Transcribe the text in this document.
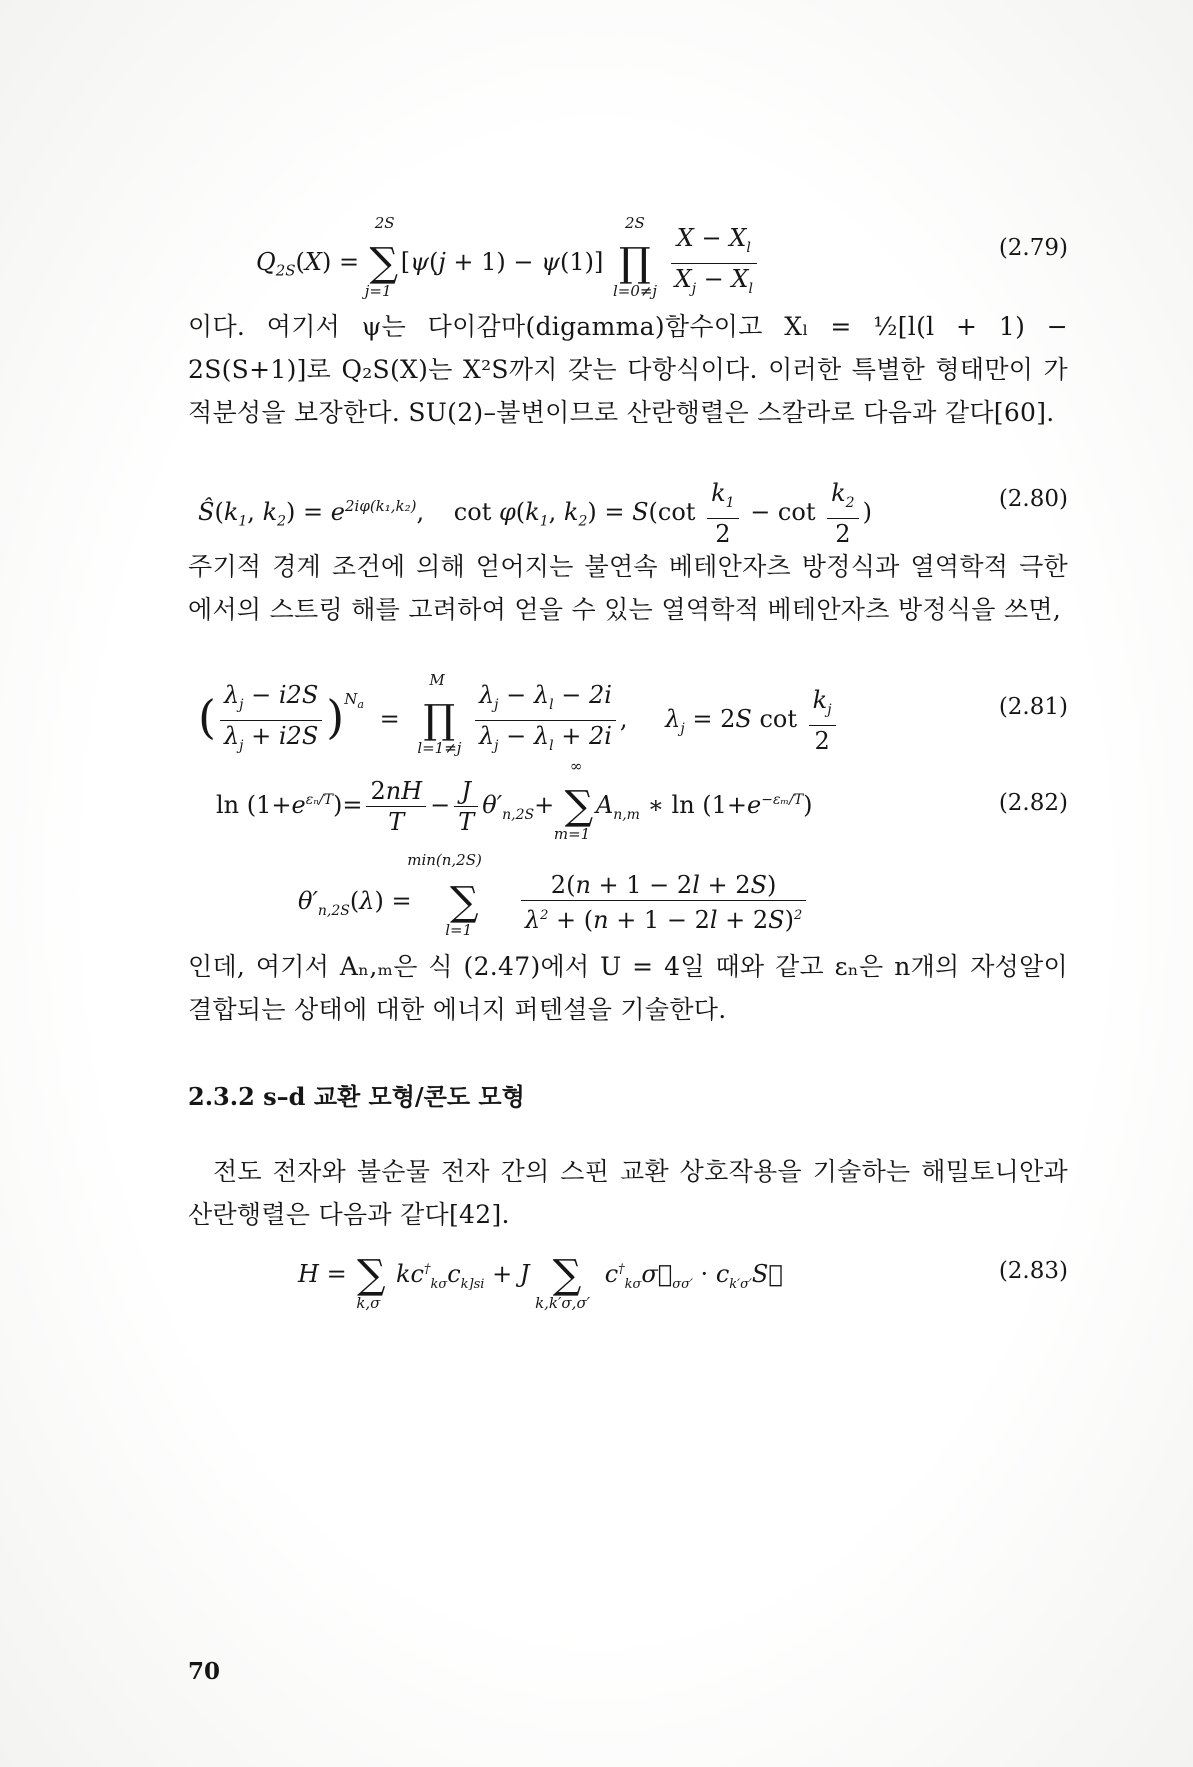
$Q_{2S}(X)$ = ∑
2S
j=1
[ψ(j + 1) − ψ(1)] ∏
2S
l=0≠j
$\frac{X - X_l}{X_j - X_l}$	(2.79)
이다. 여기서 ψ는 다이감마(digamma)함수이고 Xₗ = ½[l(l + 1) − 2S(S+1)]로 Q₂S(X)는 X²S까지 갖는 다항식이다. 이러한 특별한 형태만이 가적분성을 보장한다. SU(2)–불변이므로 산란행렬은 스칼라로 다음과 같다[60].
$Ŝ(k_1$, $k_2) = e^{2i\varphi(k_1,k_2)}$, $\cot \varphi(k_1$, $k_2) = S(\cot \frac{k_1}{2} - \cot \frac{k_2}{2}$ )	(2.80)
주기적 경계 조건에 의해 얻어지는 불연속 베테안자츠 방정식과 열역학적 극한에서의 스트링 해를 고려하여 얻을 수 있는 열역학적 베테안자츠 방정식을 쓰면,
( $\frac{\lambda_j - i2S}{\lambda_j + i2S} )^{N_a}$ = ∏
M
l=1≠j
$\frac{\lambda_j - \lambda_l - 2i}{\lambda_j - \lambda_l + 2i}$ , $\lambda_j = 2S$ $\cot \frac{k_j}{2}$	(2.81)
$\ln (1+e^{\varepsilon_n/T})= \frac{2nH}{T} - \frac{J}{T} \theta'_{n,2S}+$ ∑
∞
m=1
$A_{n,m}$ ∗ $\ln (1+e^{-\varepsilon_m/T})$	(2.82)
$\theta'_{n,2S}(\lambda)$ = ∑
min(n,2S)
l=1
$\frac{2(n + 1 - 2l + 2S)}{\lambda^2 + (n + 1 - 2l + 2S)^2}$
인데, 여기서 Aₙ,ₘ은 식 (2.47)에서 U = 4일 때와 같고 εₙ은 n개의 자성알이 결합되는 상태에 대한 에너지 퍼텐셜을 기술한다.
2.3.2 s–d 교환 모형/콘도 모형
전도 전자와 불순물 전자 간의 스핀 교환 상호작용을 기술하는 해밀토니안과 산란행렬은 다음과 같다[42].
H = ∑
k,σ
$kc^\dagger_{k\sigma}c_{k]si} + J$ ∑
k,k′σ,σ′
$c^\dagger_{k\sigma}\sigma⃗_{\sigma\sigma'}$ · $c_{k'\sigma'}S⃗$	(2.83)
70
